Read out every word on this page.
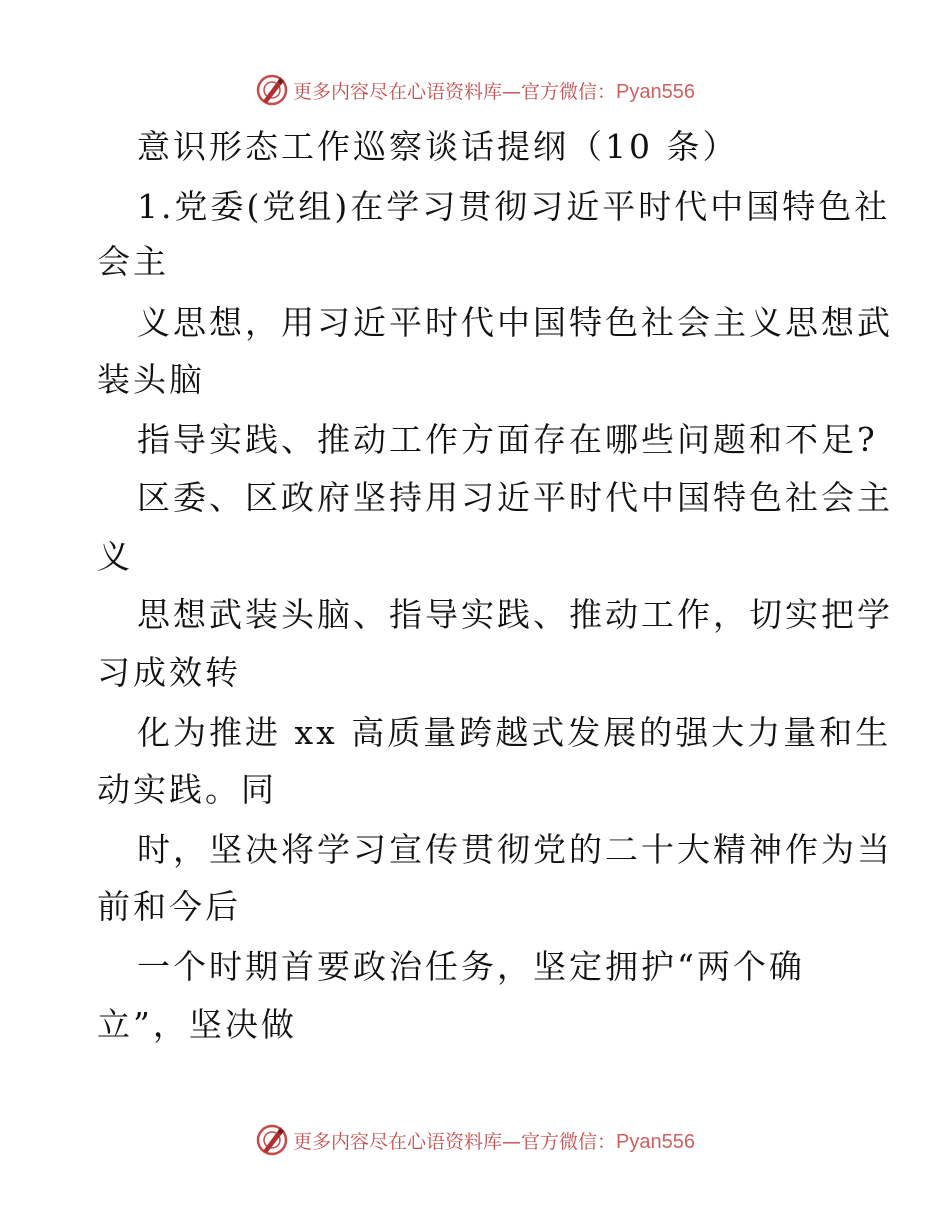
更多内容尽在心语资料库—官方微信：Pyan556
意识形态工作巡察谈话提纲（10 条）
1.党委(党组)在学习贯彻习近平时代中国特色社
会主
义思想，用习近平时代中国特色社会主义思想武
装头脑
指导实践、推动工作方面存在哪些问题和不足?
区委、区政府坚持用习近平时代中国特色社会主
义
思想武装头脑、指导实践、推动工作，切实把学
习成效转
化为推进 xx 高质量跨越式发展的强大力量和生
动实践。同
时，坚决将学习宣传贯彻党的二十大精神作为当
前和今后
一个时期首要政治任务，坚定拥护“两个确
立”，坚决做
更多内容尽在心语资料库—官方微信：Pyan556
